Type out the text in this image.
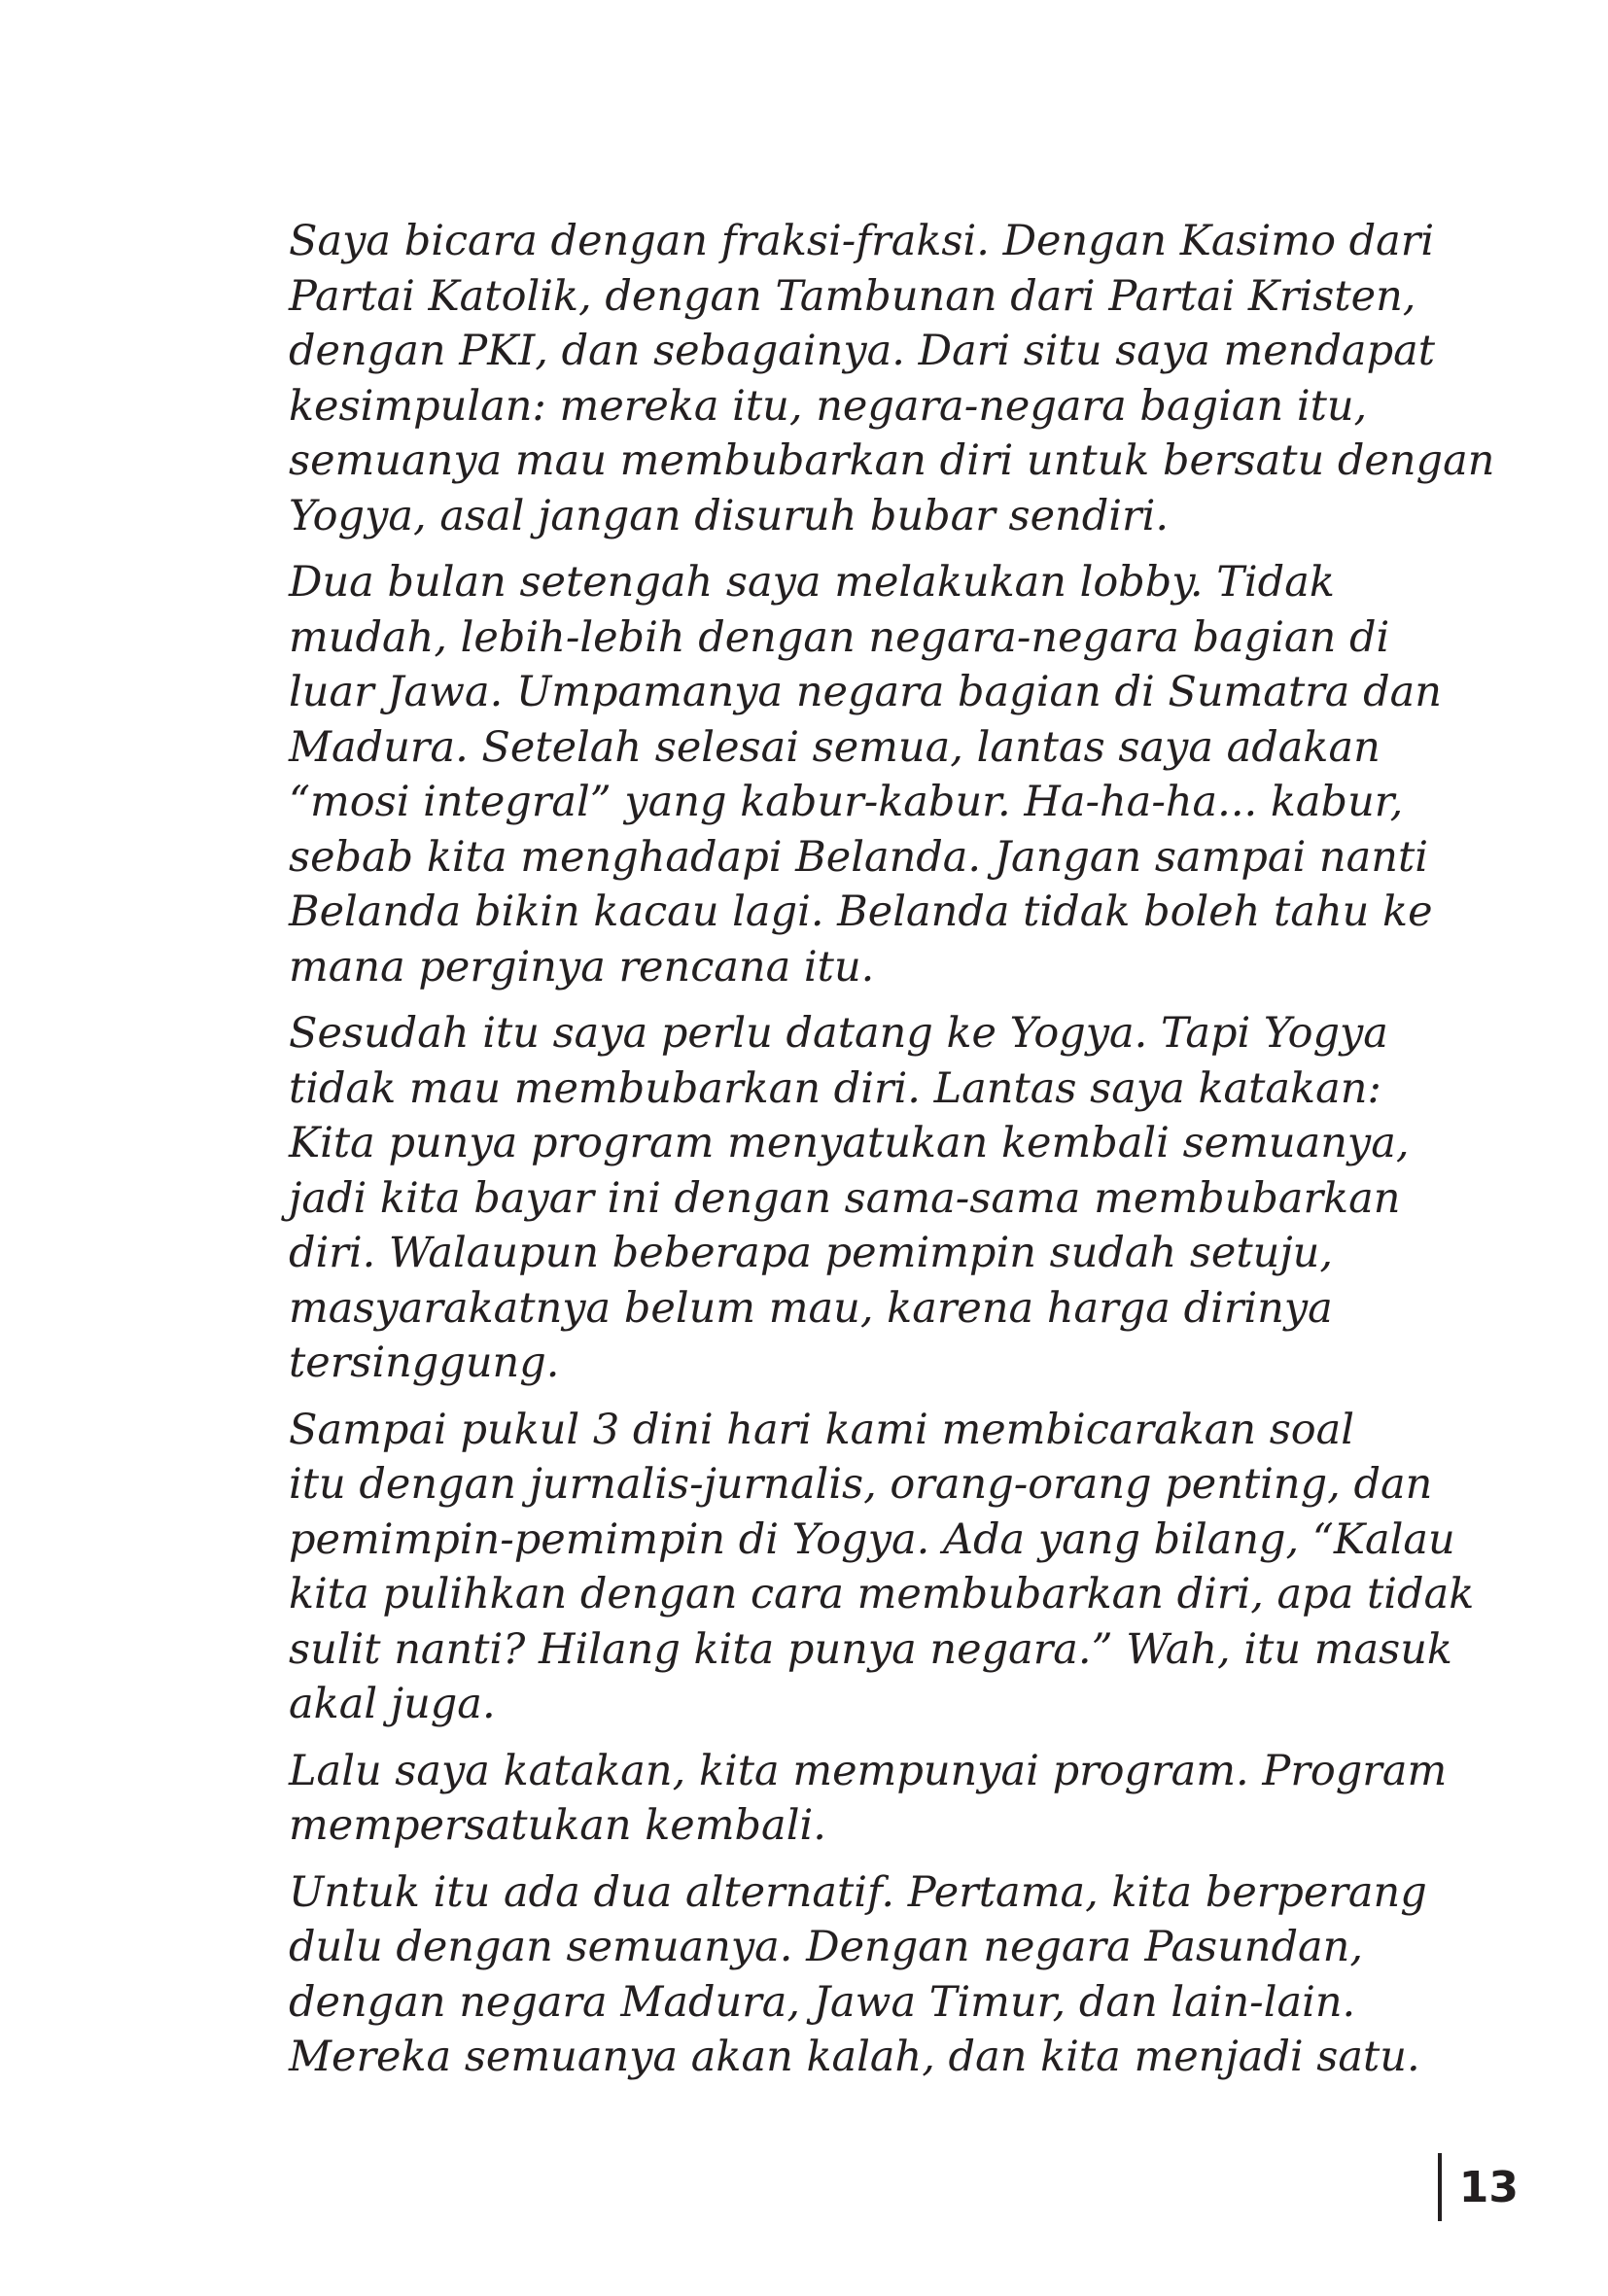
Saya bicara dengan fraksi-fraksi. Dengan Kasimo dari
Partai Katolik, dengan Tambunan dari Partai Kristen,
dengan PKI, dan sebagainya. Dari situ saya mendapat
kesimpulan: mereka itu, negara-negara bagian itu,
semuanya mau membubarkan diri untuk bersatu dengan
Yogya, asal jangan disuruh bubar sendiri.
Dua bulan setengah saya melakukan lobby. Tidak
mudah, lebih-lebih dengan negara-negara bagian di
luar Jawa. Umpamanya negara bagian di Sumatra dan
Madura. Setelah selesai semua, lantas saya adakan
“mosi integral” yang kabur-kabur. Ha-ha-ha... kabur,
sebab kita menghadapi Belanda. Jangan sampai nanti
Belanda bikin kacau lagi. Belanda tidak boleh tahu ke
mana perginya rencana itu.
Sesudah itu saya perlu datang ke Yogya. Tapi Yogya
tidak mau membubarkan diri. Lantas saya katakan:
Kita punya program menyatukan kembali semuanya,
jadi kita bayar ini dengan sama-sama membubarkan
diri. Walaupun beberapa pemimpin sudah setuju,
masyarakatnya belum mau, karena harga dirinya
tersinggung.
Sampai pukul 3 dini hari kami membicarakan soal
itu dengan jurnalis-jurnalis, orang-orang penting, dan
pemimpin-pemimpin di Yogya. Ada yang bilang, “Kalau
kita pulihkan dengan cara membubarkan diri, apa tidak
sulit nanti? Hilang kita punya negara.” Wah, itu masuk
akal juga.
Lalu saya katakan, kita mempunyai program. Program
mempersatukan kembali.
Untuk itu ada dua alternatif. Pertama, kita berperang
dulu dengan semuanya. Dengan negara Pasundan,
dengan negara Madura, Jawa Timur, dan lain-lain.
Mereka semuanya akan kalah, dan kita menjadi satu.
13
